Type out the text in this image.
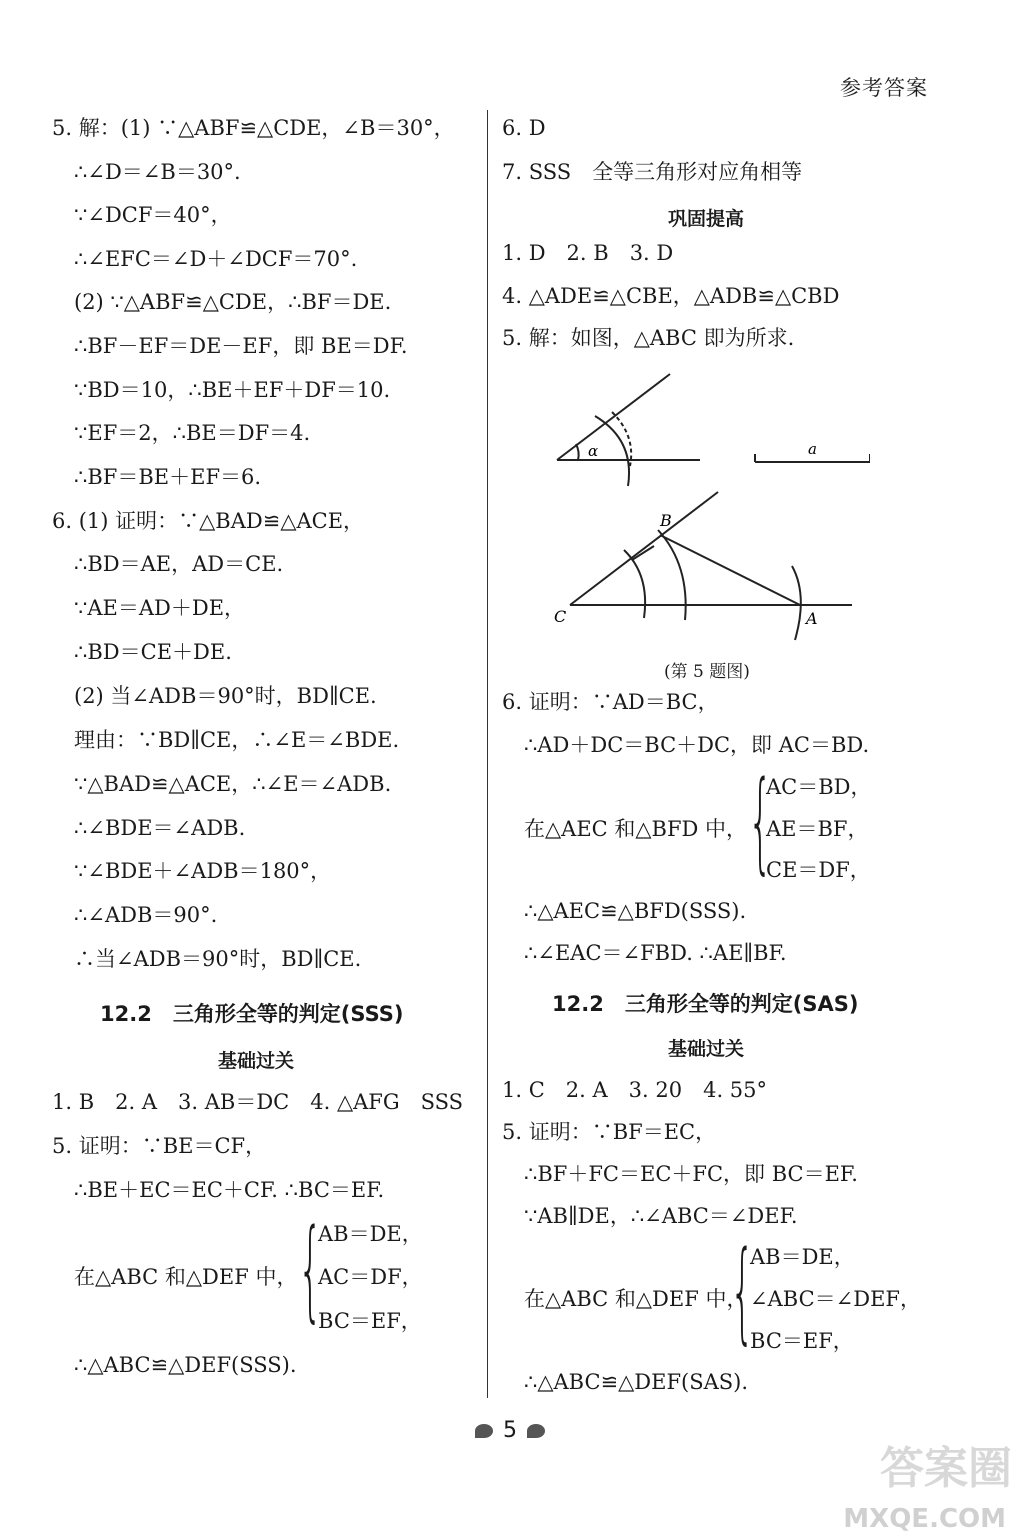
参考答案
5. 解：(1) ∵△ABF≌△CDE，∠B＝30°，
∴∠D＝∠B＝30°.
∵∠DCF＝40°，
∴∠EFC＝∠D＋∠DCF＝70°.
(2) ∵△ABF≌△CDE，∴BF＝DE.
∴BF－EF＝DE－EF，即 BE＝DF.
∵BD＝10，∴BE＋EF＋DF＝10.
∵EF＝2，∴BE＝DF＝4.
∴BF＝BE＋EF＝6.
6. (1) 证明：∵△BAD≌△ACE，
∴BD＝AE，AD＝CE.
∵AE＝AD＋DE，
∴BD＝CE＋DE.
(2) 当∠ADB＝90°时，BD∥CE.
理由：∵BD∥CE，∴∠E＝∠BDE.
∵△BAD≌△ACE，∴∠E＝∠ADB.
∴∠BDE＝∠ADB.
∵∠BDE＋∠ADB＝180°，
∴∠ADB＝90°.
∴当∠ADB＝90°时，BD∥CE.
12.2　三角形全等的判定(SSS)
基础过关
1. B　2. A　3. AB＝DC　4. △AFG　SSS
5. 证明：∵BE＝CF，
∴BE＋EC＝EC＋CF. ∴BC＝EF.
在△ABC 和△DEF 中， {
AB＝DE，
AC＝DF，
BC＝EF，
∴△ABC≌△DEF(SSS).
6. D
7. SSS　全等三角形对应角相等
巩固提高
1. D　2. B　3. D
4. △ADE≌△CBE，△ADB≌△CBD
5. 解：如图，△ABC 即为所求.
α	a
B
C	A
(第 5 题图)
6. 证明：∵AD＝BC，
∴AD＋DC＝BC＋DC，即 AC＝BD.
在△AEC 和△BFD 中， {
AC＝BD，
AE＝BF，
CE＝DF，
∴△AEC≌△BFD(SSS).
∴∠EAC＝∠FBD. ∴AE∥BF.
12.2　三角形全等的判定(SAS)
基础过关
1. C　2. A　3. 20　4. 55°
5. 证明：∵BF＝EC，
∴BF＋FC＝EC＋FC，即 BC＝EF.
∵AB∥DE，∴∠ABC＝∠DEF.
在△ABC 和△DEF 中，
{
AB＝DE，
∠ABC＝∠DEF，
BC＝EF，
∴△ABC≌△DEF(SAS).
5
答案圈
MXQE.COM
